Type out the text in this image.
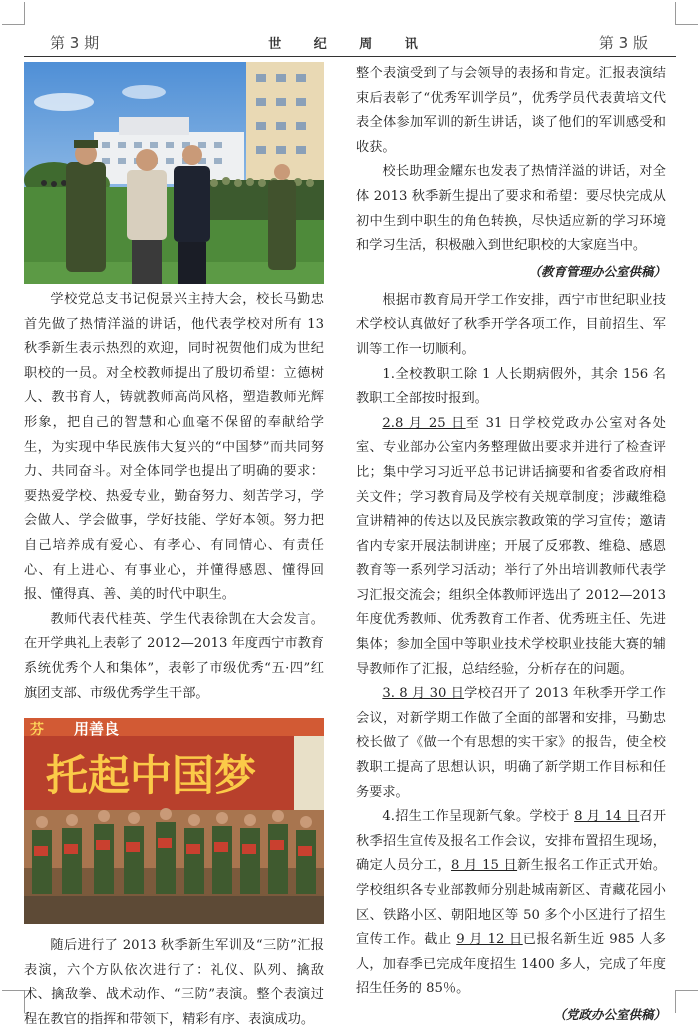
第 3 期	世 纪 周 讯	第 3 版

学校党总支书记倪景兴主持大会，校长马勤忠首先做了热情洋溢的讲话，他代表学校对所有 13 秋季新生表示热烈的欢迎，同时祝贺他们成为世纪职校的一员。对全校教师提出了殷切希望：立德树人、教书育人，铸就教师高尚风格，塑造教师光辉形象，把自己的智慧和心血毫不保留的奉献给学生，为实现中华民族伟大复兴的“中国梦”而共同努力、共同奋斗。对全体同学也提出了明确的要求：要热爱学校、热爱专业，勤奋努力、刻苦学习，学会做人、学会做事，学好技能、学好本领。努力把自己培养成有爱心、有孝心、有同情心、有责任心、有上进心、有事业心，并懂得感恩、懂得回报、懂得真、善、美的时代中职生。

教师代表代桂英、学生代表徐凯在大会发言。在开学典礼上表彰了 2012—2013 年度西宁市教育系统优秀个人和集体”，表彰了市级优秀“五·四”红旗团支部、市级优秀学生干部。

芬 用善良
托起中国梦

随后进行了 2013 秋季新生军训及“三防”汇报表演，六个方队依次进行了：礼仪、队列、擒敌术、擒敌拳、战术动作、“三防”表演。整个表演过程在教官的指挥和带领下，精彩有序、表演成功。

整个表演受到了与会领导的表扬和肯定。汇报表演结束后表彰了“优秀军训学员”，优秀学员代表黄培文代表全体参加军训的新生讲话，谈了他们的军训感受和收获。

校长助理金耀东也发表了热情洋溢的讲话，对全体 2013 秋季新生提出了要求和希望：要尽快完成从初中生到中职生的角色转换，尽快适应新的学习环境和学习生活，积极融入到世纪职校的大家庭当中。

（教育管理办公室供稿）

根据市教育局开学工作安排，西宁市世纪职业技术学校认真做好了秋季开学各项工作，目前招生、军训等工作一切顺利。

1.全校教职工除 1 人长期病假外，其余 156 名教职工全部按时报到。

2.8 月 25 日至 31 日学校党政办公室对各处室、专业部办公室内务整理做出要求并进行了检查评比；集中学习习近平总书记讲话摘要和省委省政府相关文件；学习教育局及学校有关规章制度；涉藏维稳宣讲精神的传达以及民族宗教政策的学习宣传；邀请省内专家开展法制讲座；开展了反邪教、维稳、感恩教育等一系列学习活动；举行了外出培训教师代表学习汇报交流会；组织全体教师评选出了 2012—2013 年度优秀教师、优秀教育工作者、优秀班主任、先进集体；参加全国中等职业技术学校职业技能大赛的辅导教师作了汇报，总结经验，分析存在的问题。

3. 8 月 30 日学校召开了 2013 年秋季开学工作会议，对新学期工作做了全面的部署和安排，马勤忠校长做了《做一个有思想的实干家》的报告，使全校教职工提高了思想认识，明确了新学期工作目标和任务要求。

4.招生工作呈现新气象。学校于 8 月 14 日召开秋季招生宣传及报名工作会议，安排布置招生现场，确定人员分工，8 月 15 日新生报名工作正式开始。学校组织各专业部教师分别赴城南新区、青藏花园小区、铁路小区、朝阳地区等 50 多个小区进行了招生宣传工作。截止 9 月 12 日已报名新生近 985 人多人，加春季已完成年度招生 1400 多人，完成了年度招生任务的 85％。

（党政办公室供稿）
